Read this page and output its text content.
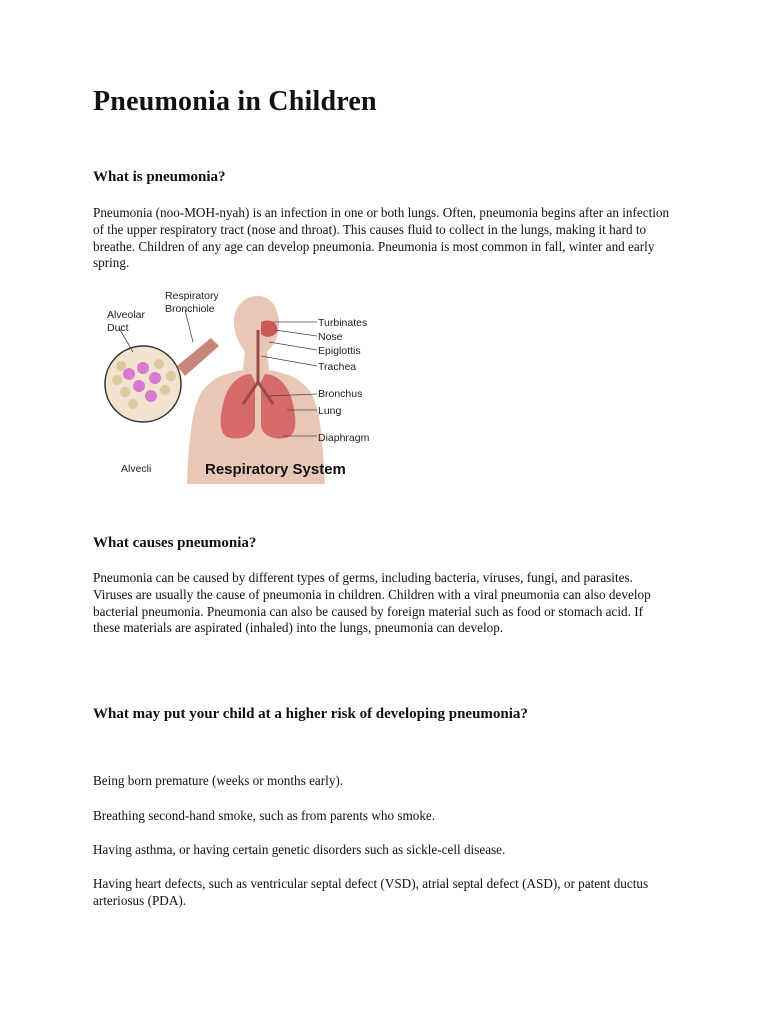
Pneumonia in Children
What is pneumonia?

Pneumonia (noo-MOH-nyah) is an infection in one or both lungs. Often, pneumonia begins after an infection of the upper respiratory tract (nose and throat). This causes fluid to collect in the lungs, making it hard to breathe. Children of any age can develop pneumonia. Pneumonia is most common in fall, winter and early spring.

Respiratory
Bronchiole
Alveolar
Duct
Alvecli
Turbinates
Nose
Epiglottis
Trachea
Bronchus
Lung
Diaphragm
Respiratory System
What causes pneumonia?

Pneumonia can be caused by different types of germs, including bacteria, viruses, fungi, and parasites. Viruses are usually the cause of pneumonia in children. Children with a viral pneumonia can also develop bacterial pneumonia. Pneumonia can also be caused by foreign material such as food or stomach acid. If these materials are aspirated (inhaled) into the lungs, pneumonia can develop.

What may put your child at a higher risk of developing pneumonia?

Being born premature (weeks or months early).

Breathing second-hand smoke, such as from parents who smoke.

Having asthma, or having certain genetic disorders such as sickle-cell disease.

Having heart defects, such as ventricular septal defect (VSD), atrial septal defect (ASD), or patent ductus arteriosus (PDA).
